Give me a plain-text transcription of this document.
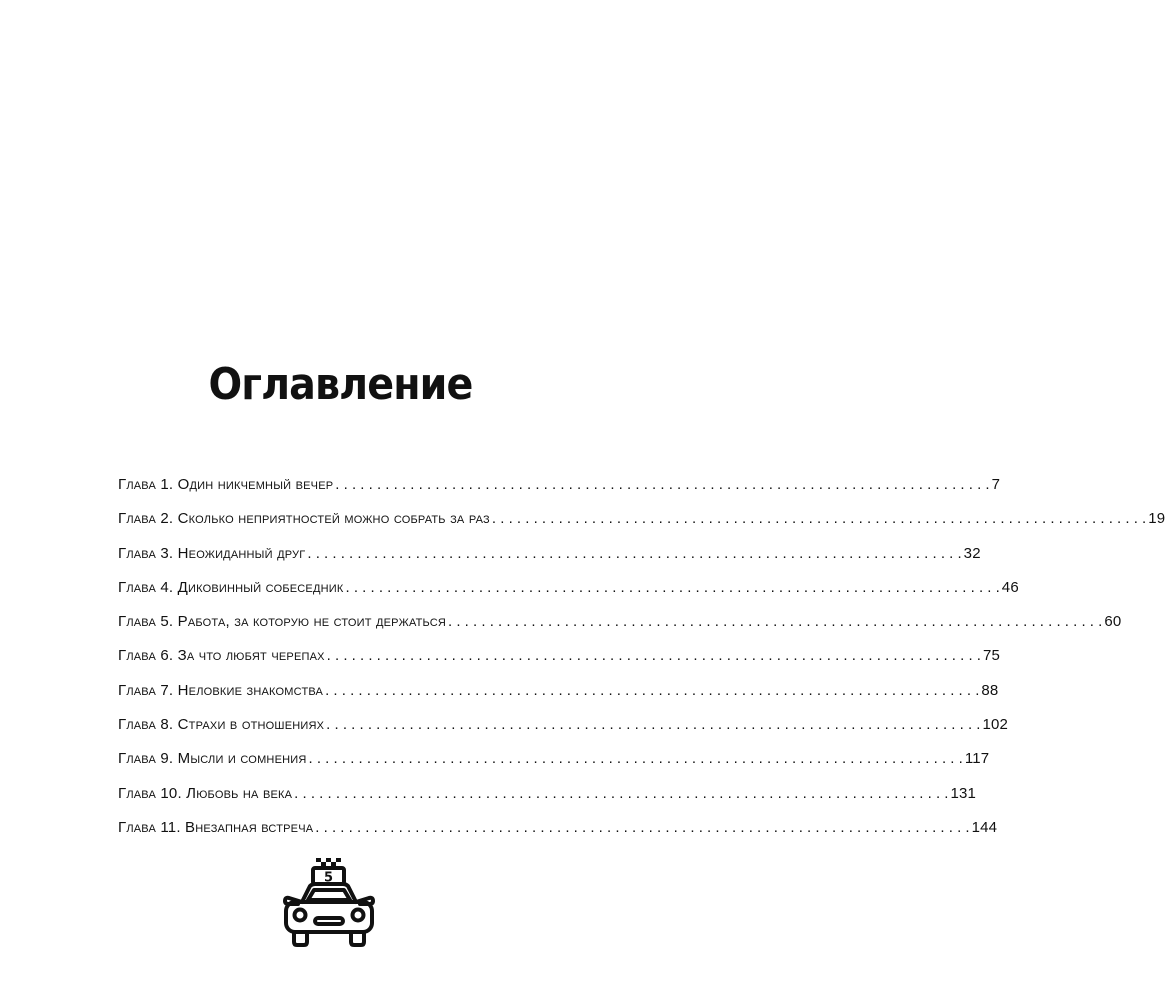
Оглавление
Глава 1. Один никчемный вечер . . .	7
Глава 2. Сколько неприятностей можно собрать за раз . . .	19
Глава 3. Неожиданный друг . . .	32
Глава 4. Диковинный собеседник . . .	46
Глава 5. Работа, за которую не стоит держаться . . .	60
Глава 6. За что любят черепах . . .	75
Глава 7. Неловкие знакомства . . .	88
Глава 8. Страхи в отношениях . . .	102
Глава 9. Мысли и сомнения . . .	117
Глава 10. Любовь на века . . .	131
Глава 11. Внезапная встреча . . .	144
5
